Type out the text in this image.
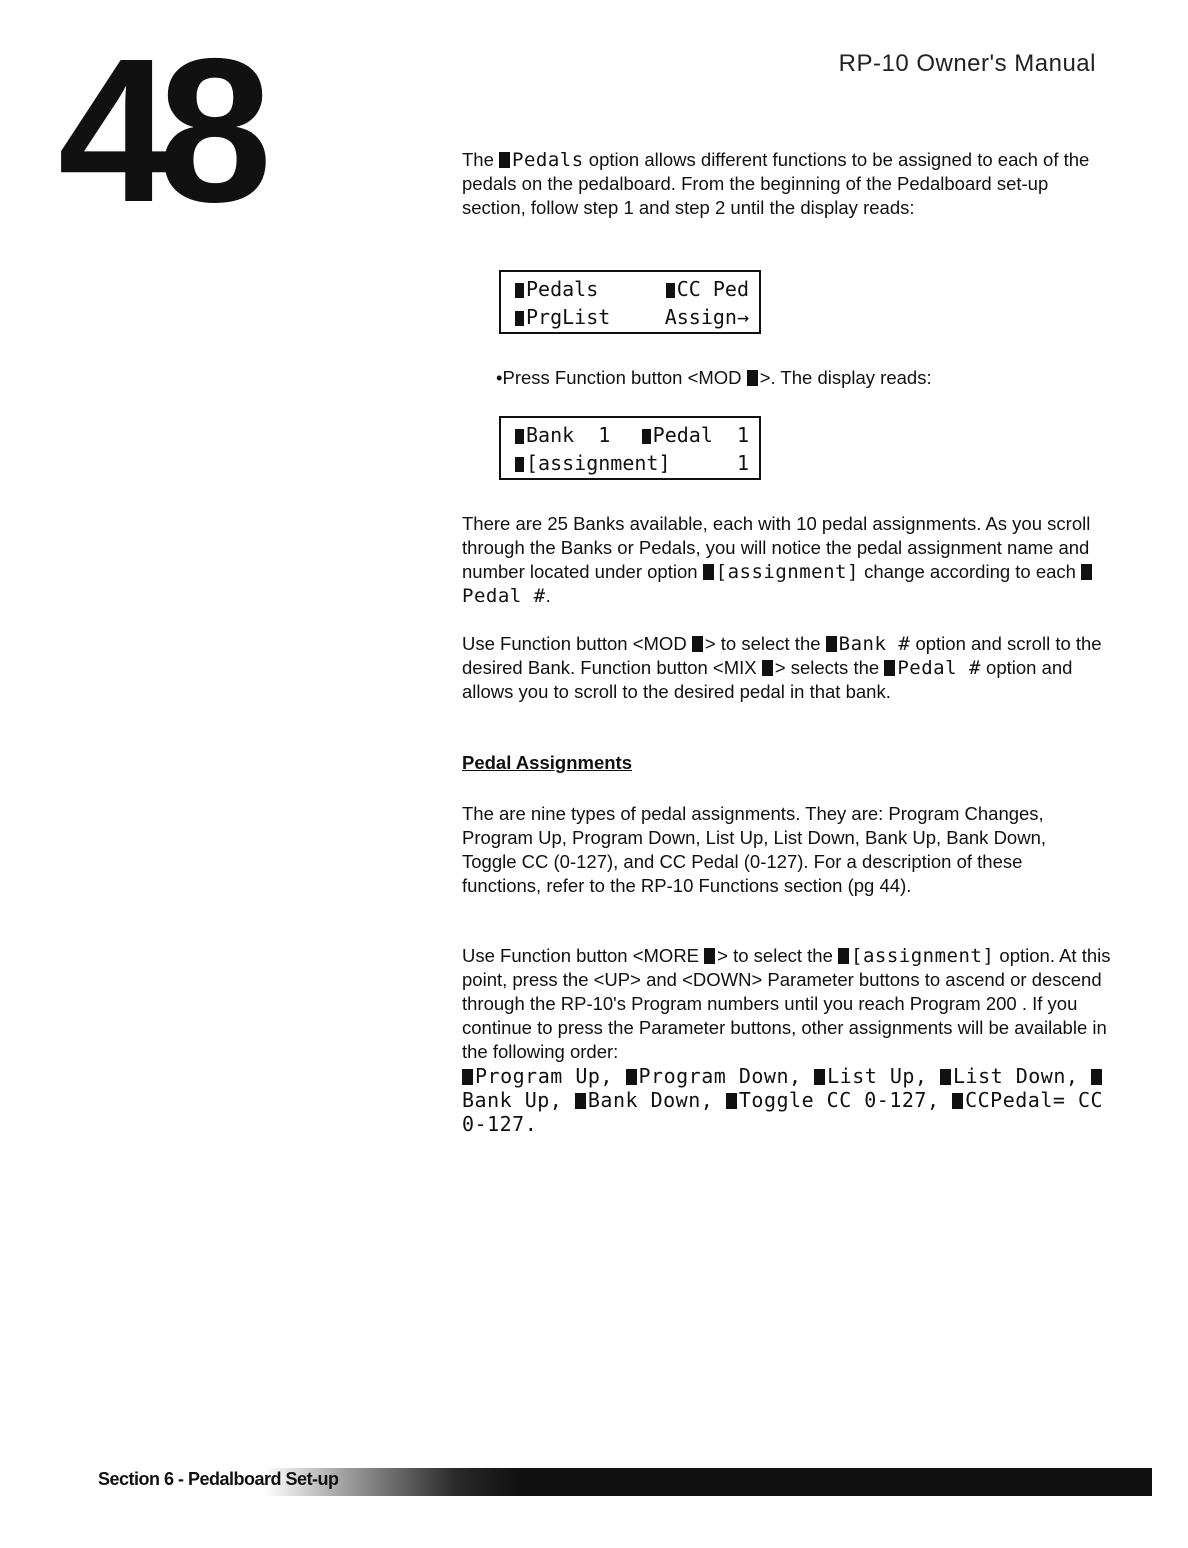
48	RP-10 Owner's Manual

The Pedals option allows different functions to be assigned to each of the pedals on the pedalboard. From the beginning of the Pedalboard set-up section, follow step 1 and step 2 until the display reads:

Pedals	CC Ped
PrgList	Assign→

•Press Function button <MOD >. The display reads:

Bank  1	Pedal  1
[assignment]	1

There are 25 Banks available, each with 10 pedal assignments. As you scroll through the Banks or Pedals, you will notice the pedal assignment name and number located under option [assignment] change according to each Pedal #.

Use Function button <MOD > to select the Bank # option and scroll to the desired Bank. Function button <MIX > selects the Pedal # option and allows you to scroll to the desired pedal in that bank.

Pedal Assignments

The are nine types of pedal assignments. They are: Program Changes, Program Up, Program Down, List Up, List Down, Bank Up, Bank Down, Toggle CC (0-127), and CC Pedal (0-127). For a description of these functions, refer to the RP-10 Functions section (pg 44).

Use Function button <MORE > to select the [assignment] option. At this point, press the <UP> and <DOWN> Parameter buttons to ascend or descend through the RP-10's Program numbers until you reach Program 200 . If you continue to press the Parameter buttons, other assignments will be available in the following order:

Program Up, Program Down, List Up, List Down, Bank Up, Bank Down, Toggle CC 0-127, CCPedal= CC 0-127.

Section 6 - Pedalboard Set-up
